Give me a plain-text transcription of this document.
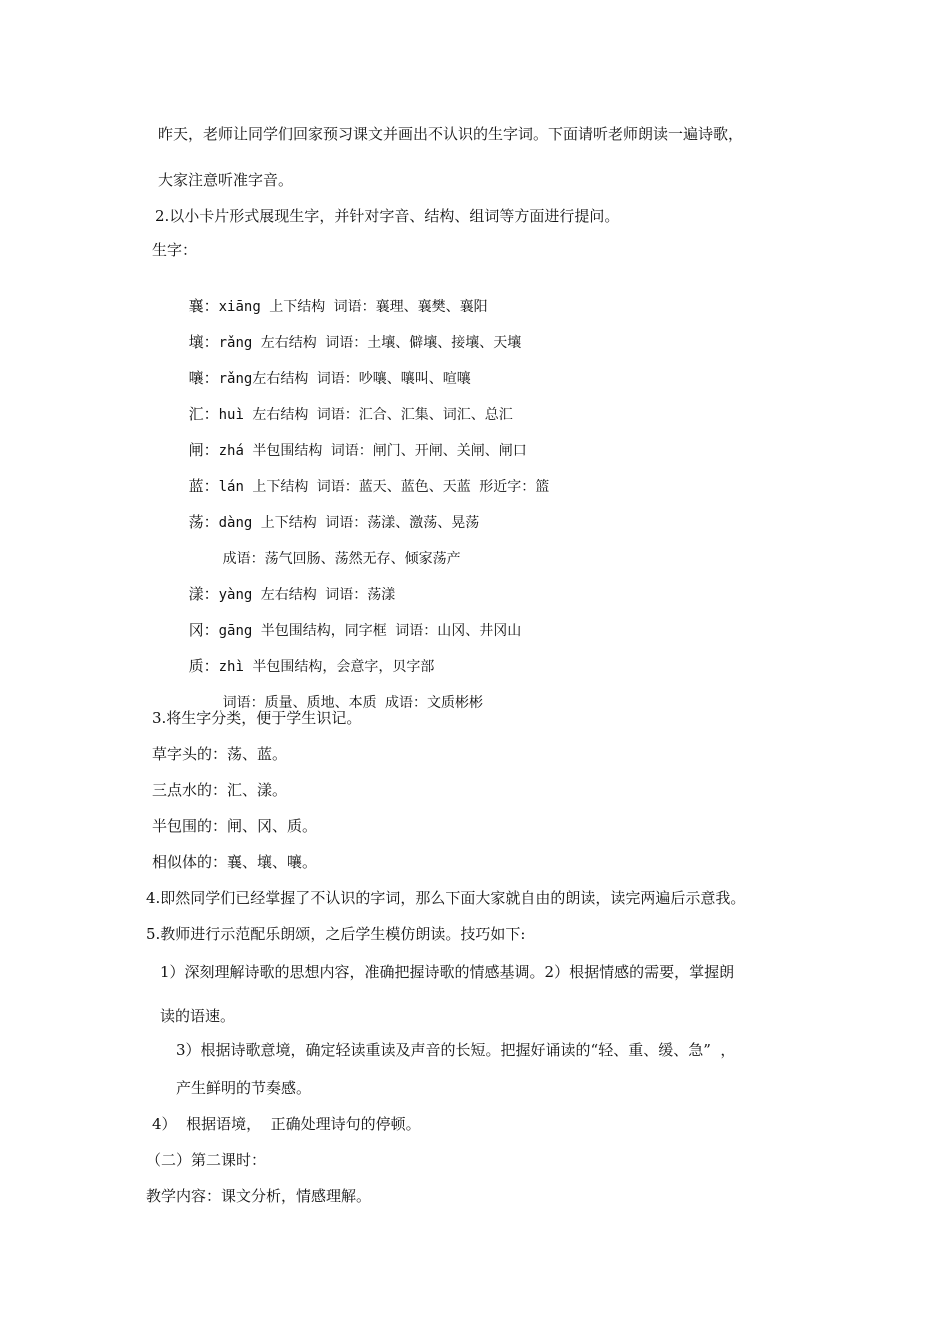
昨天，老师让同学们回家预习课文并画出不认识的生字词。下面请听老师朗读一遍诗歌，
大家注意听准字音。
2.以小卡片形式展现生字，并针对字音、结构、组词等方面进行提问。
生字：

襄：xiāng 上下结构 词语：襄理、襄樊、襄阳

壤：rǎng 左右结构 词语：土壤、僻壤、接壤、天壤

嚷：rǎng左右结构 词语：吵嚷、嚷叫、喧嚷

汇：huì 左右结构 词语：汇合、汇集、词汇、总汇

闸：zhá 半包围结构 词语：闸门、开闸、关闸、闸口

蓝：lán 上下结构 词语：蓝天、蓝色、天蓝 形近字：篮

荡：dàng 上下结构 词语：荡漾、激荡、晃荡

成语：荡气回肠、荡然无存、倾家荡产

漾：yàng 左右结构 词语：荡漾

冈：gāng 半包围结构，同字框 词语：山冈、井冈山

质：zhì 半包围结构，会意字，贝字部

词语：质量、质地、本质 成语：文质彬彬

3.将生字分类，便于学生识记。
草字头的：荡、蓝。
三点水的：汇、漾。
半包围的：闸、冈、质。
相似体的：襄、壤、嚷。
4.即然同学们已经掌握了不认识的字词，那么下面大家就自由的朗读，读完两遍后示意我。
5.教师进行示范配乐朗颂，之后学生模仿朗读。技巧如下:
1）深刻理解诗歌的思想内容，准确把握诗歌的情感基调。2）根据情感的需要，掌握朗
读的语速。
3）根据诗歌意境，确定轻读重读及声音的长短。把握好诵读的“轻、重、缓、急”  ，
产生鲜明的节奏感。
4）  根据语境，  正确处理诗句的停顿。
（二）第二课时：
教学内容：课文分析，情感理解。
